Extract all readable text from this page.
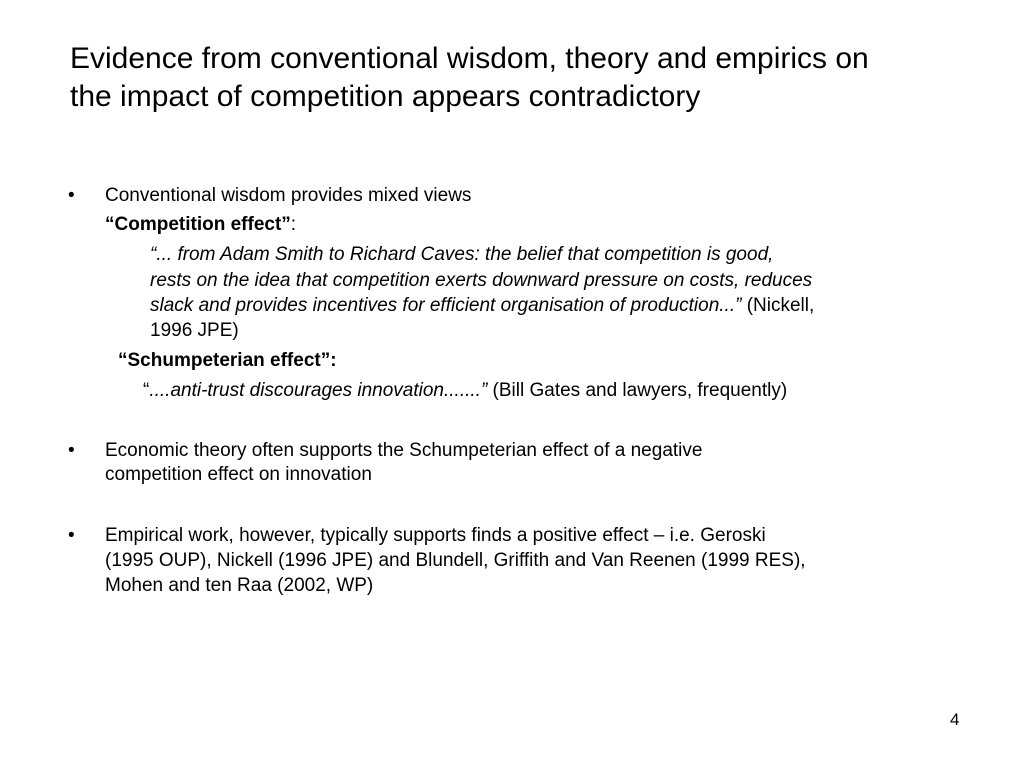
Evidence from conventional wisdom, theory and empirics on
the impact of competition appears contradictory
• Conventional wisdom provides mixed views
“Competition effect”:
“... from Adam Smith to Richard Caves: the belief that competition is good,
rests on the idea that competition exerts downward pressure on costs, reduces
slack and provides incentives for efficient organisation of production...” (Nickell,
1996 JPE)
“Schumpeterian effect”:
“....anti-trust discourages innovation.......” (Bill Gates and lawyers, frequently)
• Economic theory often supports the Schumpeterian effect of a negative
competition effect on innovation
• Empirical work, however, typically supports finds a positive effect – i.e. Geroski
(1995 OUP), Nickell (1996 JPE) and Blundell, Griffith and Van Reenen (1999 RES),
Mohen and ten Raa (2002, WP)
4
